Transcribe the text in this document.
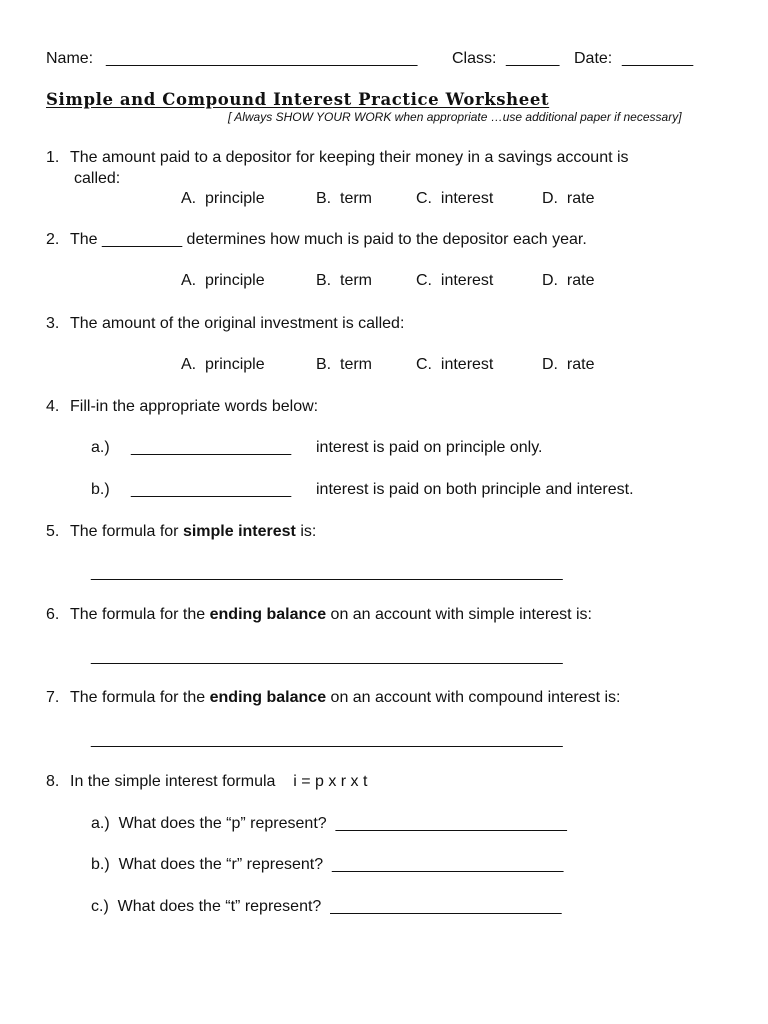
Name: ___________________________________ Class: ______ Date: ________
Simple and Compound Interest Practice Worksheet
[ Always SHOW YOUR WORK when appropriate …use additional paper if necessary]
1. The amount paid to a depositor for keeping their money in a savings account is
called:
A.  principle	B.  term	C.  interest	D.  rate
2. The _________ determines how much is paid to the depositor each year.
A.  principle	B.  term	C.  interest	D.  rate
3. The amount of the original investment is called:
A.  principle	B.  term	C.  interest	D.  rate
4. Fill-in the appropriate words below:
a.) __________________ interest is paid on principle only.
b.) __________________ interest is paid on both principle and interest.
5. The formula for simple interest is:
_____________________________________________________
6. The formula for the ending balance on an account with simple interest is:
_____________________________________________________
7. The formula for the ending balance on an account with compound interest is:
_____________________________________________________
8. In the simple interest formula    i = p x r x t
a.)  What does the “p” represent?  __________________________
b.)  What does the “r” represent?  __________________________
c.)  What does the “t” represent?  __________________________
